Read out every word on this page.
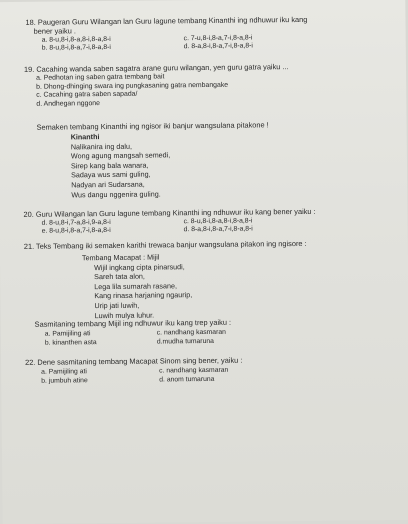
18. Paugeran Guru Wilangan lan Guru lagune tembang Kinanthi ing ndhuwur iku kang
bener yaiku .
a. 8-u,8-i,8-a,8-i,8-a,8-i
b. 8-u,8-i,8-a,7-i,8-a,8-i
c. 7-u,8-i,8-a,7-i,8-a,8-i
d. 8-a,8-i,8-a,7-i,8-a,8-i
19. Cacahing wanda saben sagatra arane guru wilangan, yen guru gatra yaiku ...
a. Pedhotan ing saben gatra tembang bait
b. Dhong-dhinging swara ing pungkasaning gatra nembangake
c. Cacahing gatra saben sapada/
d. Andhegan nggone
Semaken tembang Kinanthi ing ngisor iki banjur wangsulana pitakone !
Kinanthi
Nalikanira ing dalu,
Wong agung mangsah semedi,
Sirep kang bala wanara,
Sadaya wus sami guling,
Nadyan ari Sudarsana,
Wus dangu nggenira guling.
20. Guru Wilangan lan Guru lagune tembang Kinanthi ing ndhuwur iku kang bener yaiku :
d. 8-u,8-i,7-a,8-i,9-a,8-i
e. 8-u,8-i,8-a,7-i,8-a,8-i
c. 8-u,8-i,8-a,8-i,8-a,8-i
d. 8-a,8-i,8-a,7-i,8-a,8-i
21. Teks Tembang iki semaken karithi trewaca banjur wangsulana pitakon ing ngisore :
Tembang Macapat : Mijil
Wijil ingkang cipta pinarsudi,
Sareh tata alon,
Lega lila sumarah rasane,
Kang rinasa harjaning ngaurip,
Urip jati luwih,
Luwih mulya luhur.
Sasmitaning tembang Mijil ing ndhuwur iku kang trep yaiku :
a. Pamijiling ati
b. kinanthen asta
c. nandhang kasmaran
d.mudha tumaruna
22. Dene sasmitaning tembang Macapat Sinom sing bener, yaiku :
a. Pamijiling ati
b. jumbuh atine
c. nandhang kasmaran
d. anom tumaruna
